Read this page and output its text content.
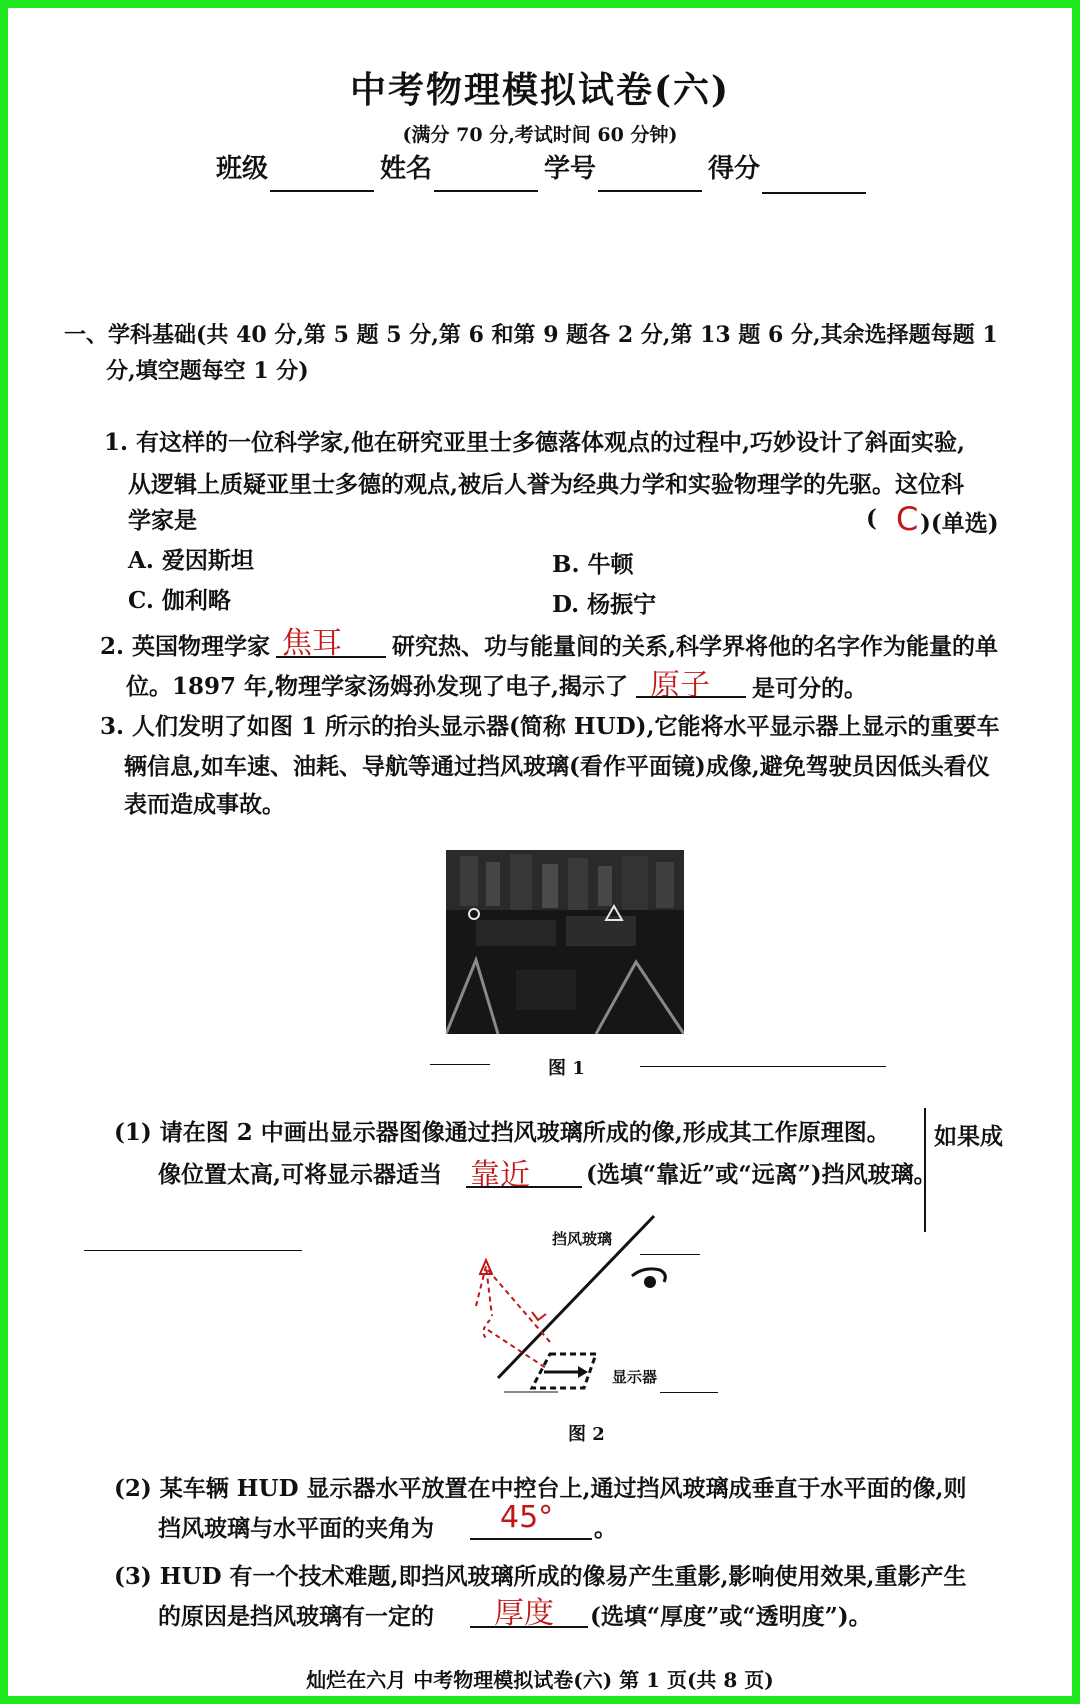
中考物理模拟试卷(六)
(满分 70 分,考试时间 60 分钟)
班级	姓名	学号	得分
一、学科基础(共 40 分,第 5 题 5 分,第 6 和第 9 题各 2 分,第 13 题 6 分,其余选择题每题 1
分,填空题每空 1 分)
1. 有这样的一位科学家,他在研究亚里士多德落体观点的过程中,巧妙设计了斜面实验,
从逻辑上质疑亚里士多德的观点,被后人誉为经典力学和实验物理学的先驱。这位科
学家是	( C )(单选)
A. 爱因斯坦	B. 牛顿
C. 伽利略	D. 杨振宁
2. 英国物理学家 焦耳 研究热、功与能量间的关系,科学界将他的名字作为能量的单
位。1897 年,物理学家汤姆孙发现了电子,揭示了 原子 是可分的。
3. 人们发明了如图 1 所示的抬头显示器(简称 HUD),它能将水平显示器上显示的重要车
辆信息,如车速、油耗、导航等通过挡风玻璃(看作平面镜)成像,避免驾驶员因低头看仪
表而造成事故。
图 1
(1) 请在图 2 中画出显示器图像通过挡风玻璃所成的像,形成其工作原理图。 如果成
像位置太高,可将显示器适当 靠近 (选填“靠近”或“远离”)挡风玻璃。
挡风玻璃
显示器
图 2
(2) 某车辆 HUD 显示器水平放置在中控台上,通过挡风玻璃成垂直于水平面的像,则
挡风玻璃与水平面的夹角为 45° 。
(3) HUD 有一个技术难题,即挡风玻璃所成的像易产生重影,影响使用效果,重影产生
的原因是挡风玻璃有一定的 厚度 (选填“厚度”或“透明度”)。
灿烂在六月 中考物理模拟试卷(六) 第 1 页(共 8 页)
